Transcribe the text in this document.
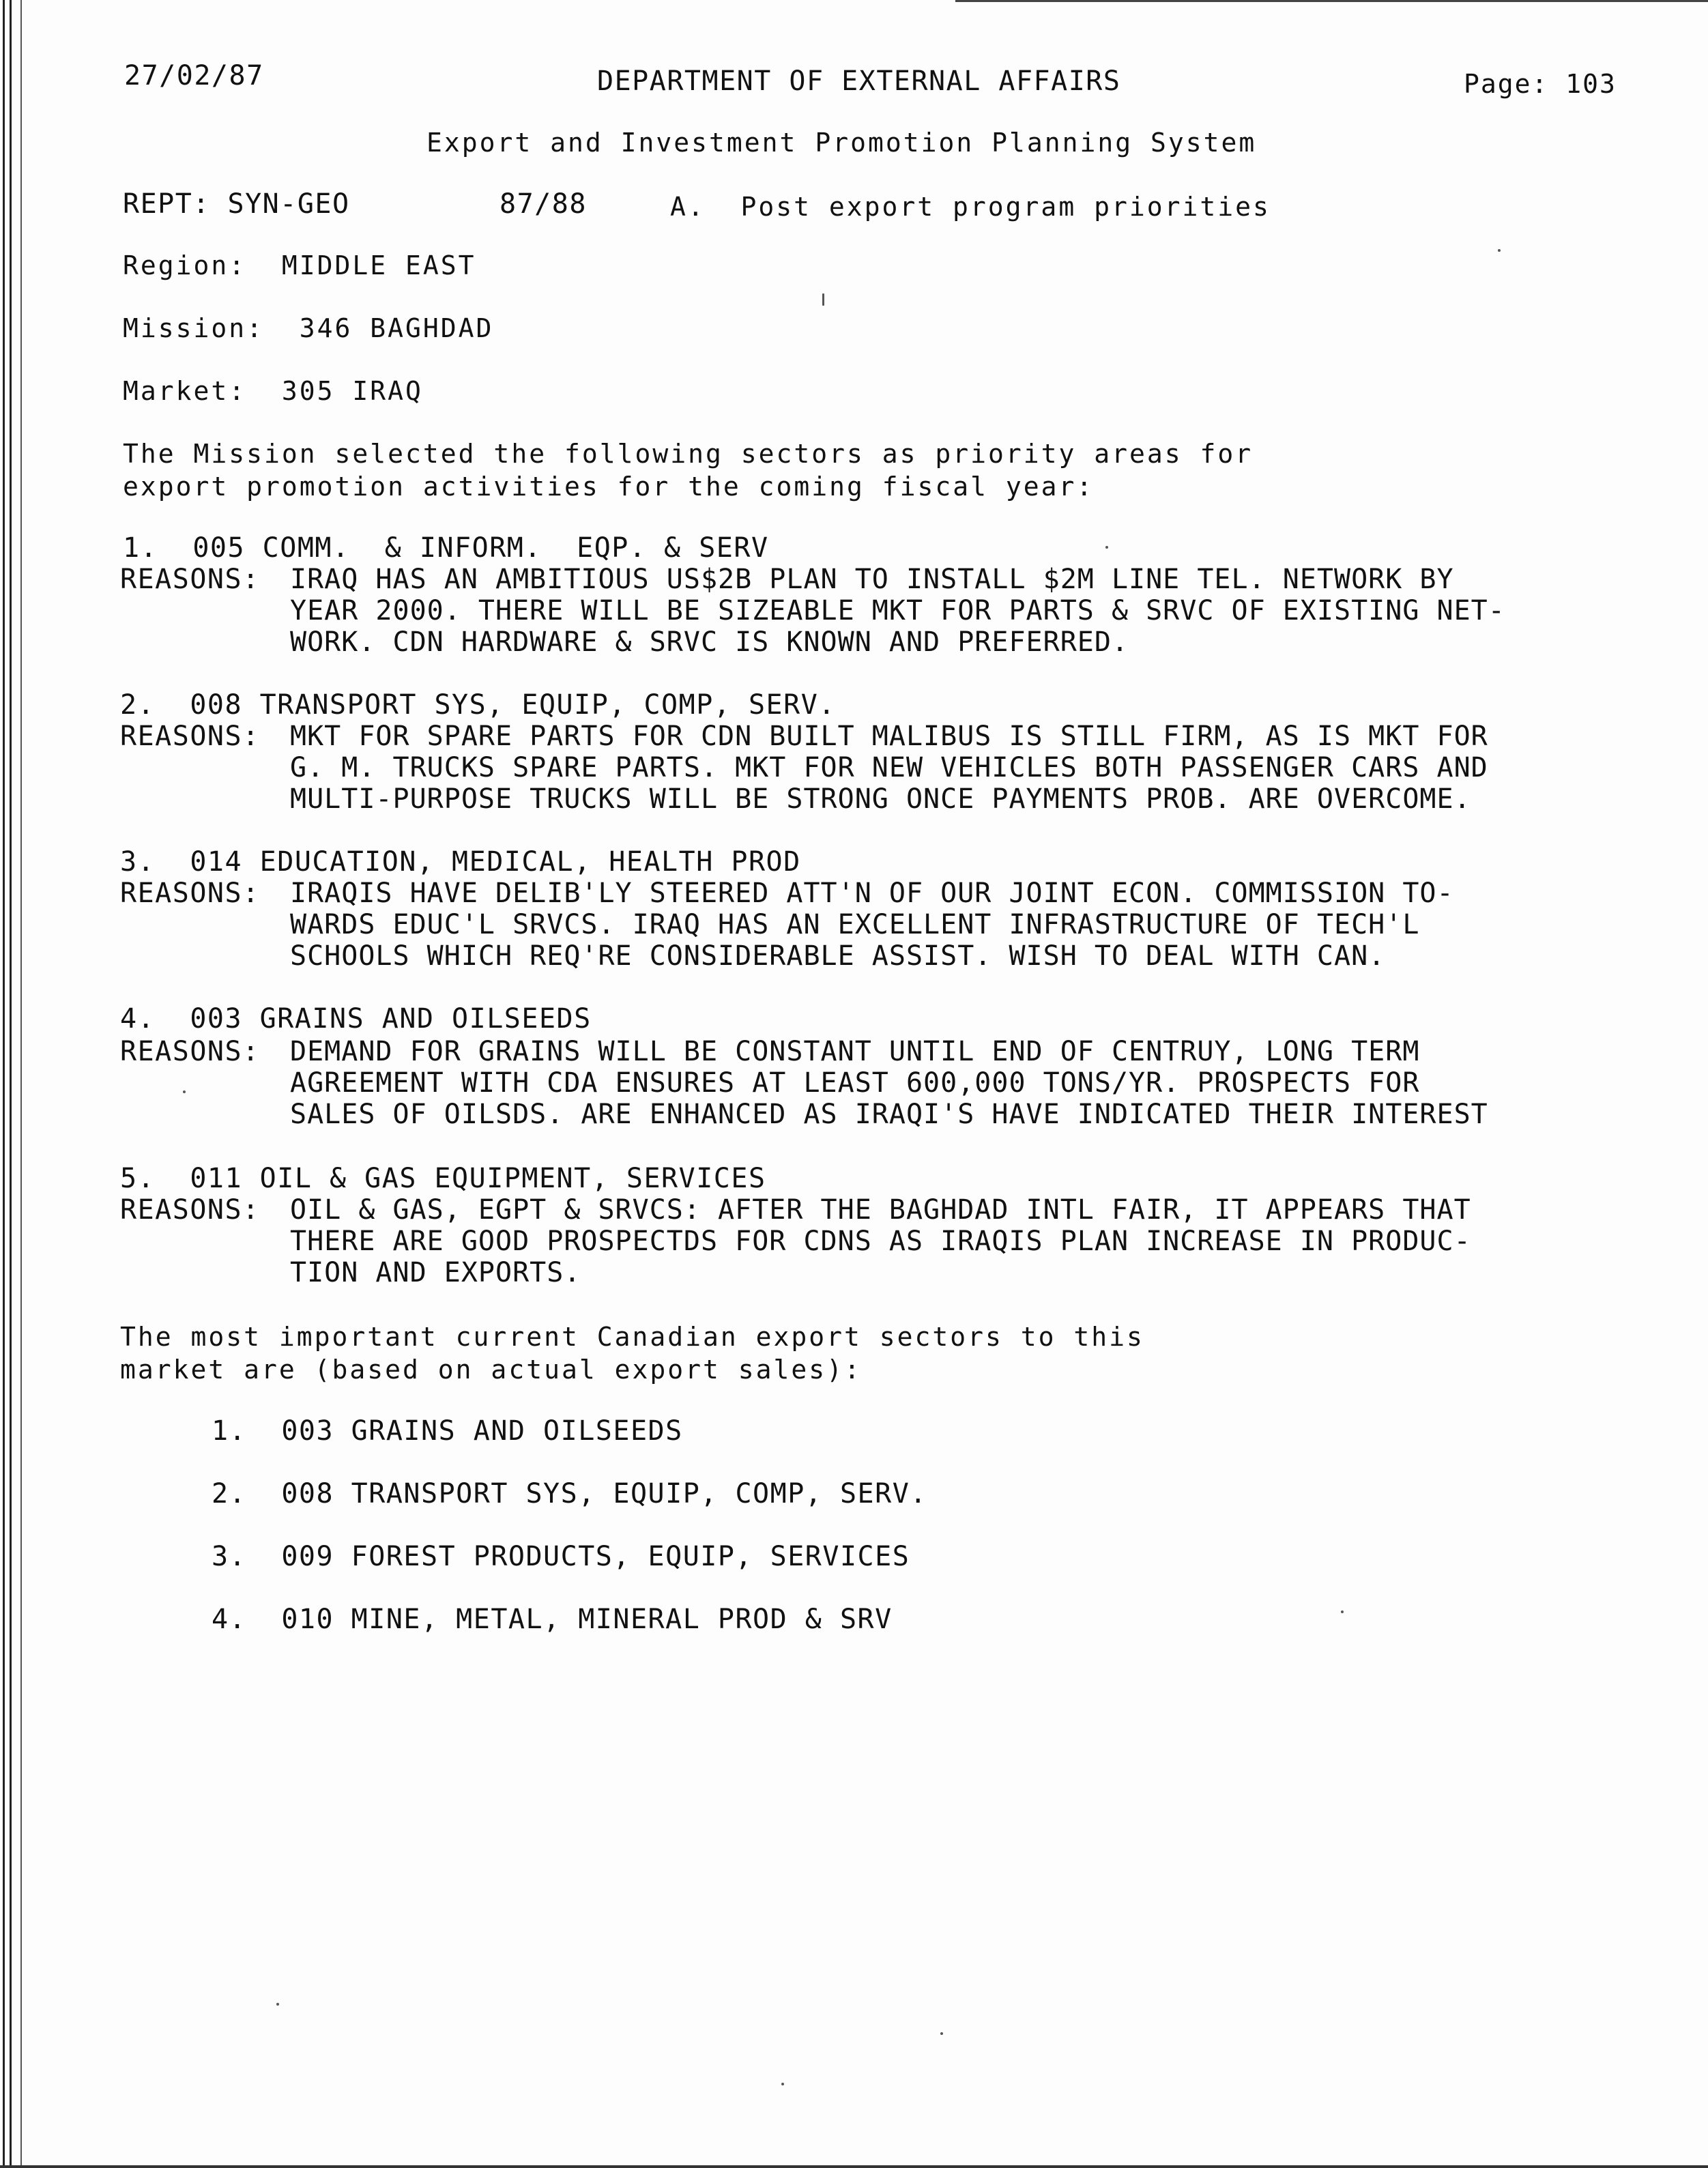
27/02/87	DEPARTMENT OF EXTERNAL AFFAIRS	Page: 103
Export and Investment Promotion Planning System
REPT: SYN-GEO	87/88	A.  Post export program priorities
Region:  MIDDLE EAST
Mission:  346 BAGHDAD
Market:  305 IRAQ
The Mission selected the following sectors as priority areas for
export promotion activities for the coming fiscal year:
1.  005 COMM.  & INFORM.  EQP. & SERV
REASONS: IRAQ HAS AN AMBITIOUS US$2B PLAN TO INSTALL $2M LINE TEL. NETWORK BY
YEAR 2000. THERE WILL BE SIZEABLE MKT FOR PARTS & SRVC OF EXISTING NET-
WORK. CDN HARDWARE & SRVC IS KNOWN AND PREFERRED.
2.  008 TRANSPORT SYS, EQUIP, COMP, SERV.
REASONS: MKT FOR SPARE PARTS FOR CDN BUILT MALIBUS IS STILL FIRM, AS IS MKT FOR
G. M. TRUCKS SPARE PARTS. MKT FOR NEW VEHICLES BOTH PASSENGER CARS AND
MULTI-PURPOSE TRUCKS WILL BE STRONG ONCE PAYMENTS PROB. ARE OVERCOME.
3.  014 EDUCATION, MEDICAL, HEALTH PROD
REASONS: IRAQIS HAVE DELIB'LY STEERED ATT'N OF OUR JOINT ECON. COMMISSION TO-
WARDS EDUC'L SRVCS. IRAQ HAS AN EXCELLENT INFRASTRUCTURE OF TECH'L
SCHOOLS WHICH REQ'RE CONSIDERABLE ASSIST. WISH TO DEAL WITH CAN.
4.  003 GRAINS AND OILSEEDS
REASONS: DEMAND FOR GRAINS WILL BE CONSTANT UNTIL END OF CENTRUY, LONG TERM
AGREEMENT WITH CDA ENSURES AT LEAST 600,000 TONS/YR. PROSPECTS FOR
SALES OF OILSDS. ARE ENHANCED AS IRAQI'S HAVE INDICATED THEIR INTEREST
5.  011 OIL & GAS EQUIPMENT, SERVICES
REASONS: OIL & GAS, EGPT & SRVCS: AFTER THE BAGHDAD INTL FAIR, IT APPEARS THAT
THERE ARE GOOD PROSPECTDS FOR CDNS AS IRAQIS PLAN INCREASE IN PRODUC-
TION AND EXPORTS.
The most important current Canadian export sectors to this
market are (based on actual export sales):
1.  003 GRAINS AND OILSEEDS
2.  008 TRANSPORT SYS, EQUIP, COMP, SERV.
3.  009 FOREST PRODUCTS, EQUIP, SERVICES
4.  010 MINE, METAL, MINERAL PROD & SRV
